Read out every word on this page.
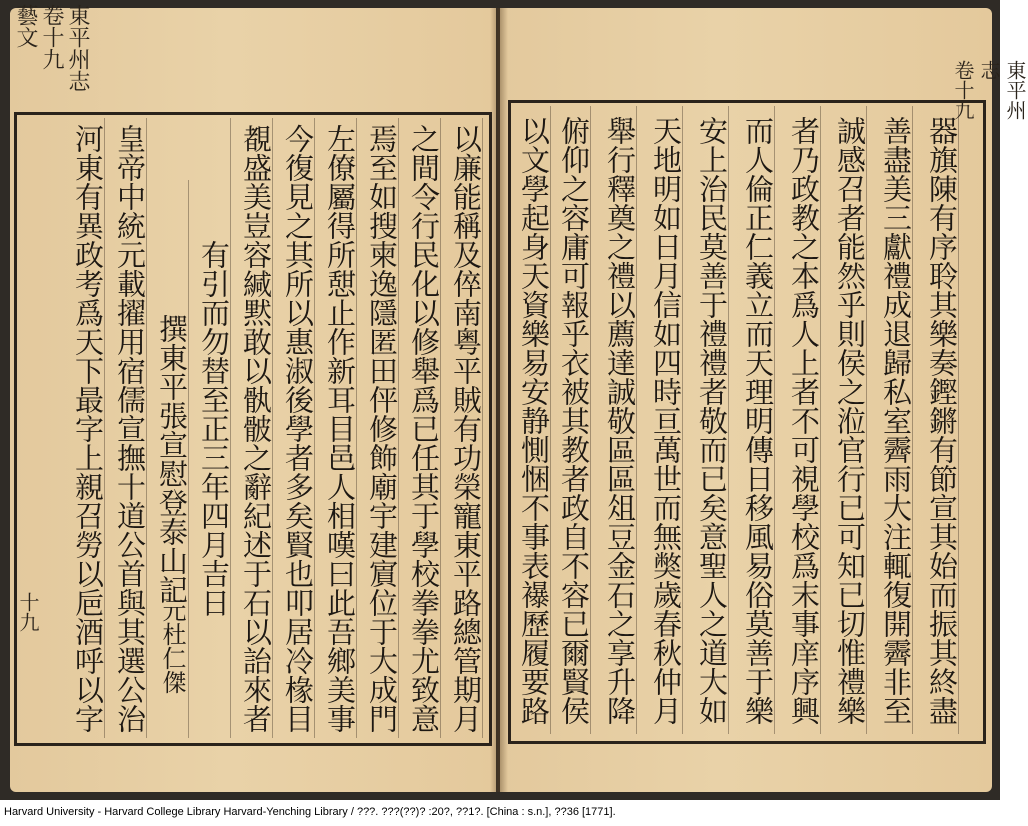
東平州志 卷十九 藝文
十九
東平州志 卷十九
以廉能稱及倅南粤平賊有功榮寵東平路總管期月
之間令行民化以修舉爲已任其于學校拳拳尤致意
焉至如搜柬逸隱匿田伻修飾廟宇建賔位于大成門
左僚屬得所憇止作新耳目邑人相嘆曰此吾鄉美事
今復見之其所以惠淑後學者多矣賢也叩居冷椽目
覩盛美豈容緘黙敢以骫骳之辭紀述于石以詒來者
有引而勿替至正三年四月吉日
撰東平張宣慰登泰山記
元杜仁傑
皇帝中統元載擢用宿儒宣撫十道公首與其選公治
河東有異政考爲天下最字上親召勞以巵酒呼以字	器旗陳有序聆其樂奏鏗鏘有節宣其始而振其終盡
善盡美三獻禮成退歸私室霽雨大注輒復開霽非至
誠感召者能然乎則侯之涖官行已可知已切惟禮樂
者乃政教之本爲人上者不可視學校爲末事庠序興
而人倫正仁義立而天理明傳日移風易俗莫善于樂
安上治民莫善于禮禮者敬而已矣意聖人之道大如
天地明如日月信如四時亘萬世而無獘歲春秋仲月
舉行釋奠之禮以薦達誠敬區區俎豆金石之享升降
俯仰之容庸可報乎衣被其教者政自不容已爾賢侯
以文學起身天資樂易安静惻悃不事表襮歷履要路
Harvard University - Harvard College Library Harvard-Yenching Library / ???. ???(??)? :20?, ??1?. [China : s.n.], ??36 [1771].
